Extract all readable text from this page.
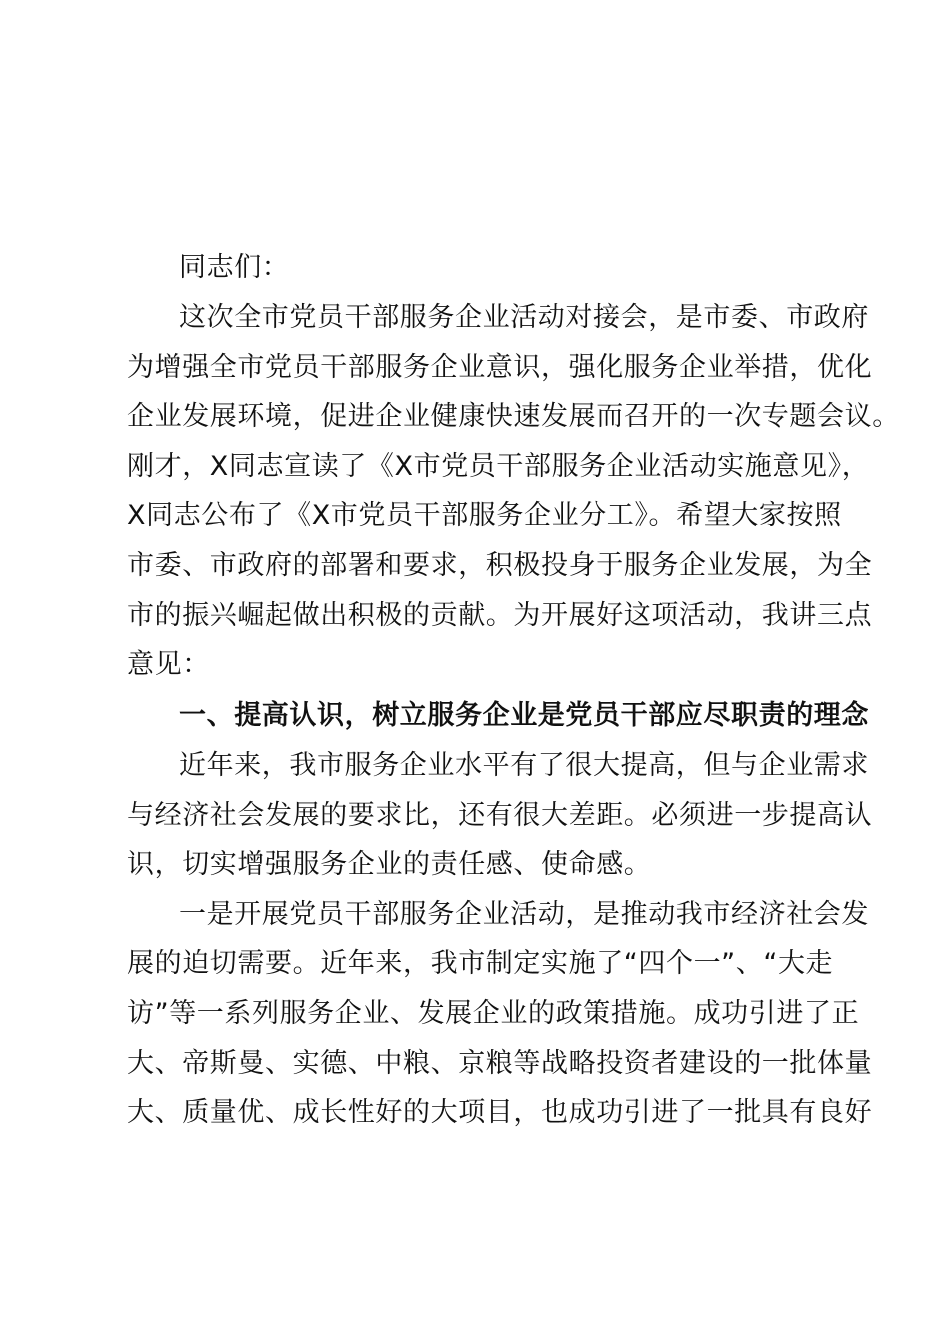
同志们：
这次全市党员干部服务企业活动对接会，是市委、市政府
为增强全市党员干部服务企业意识，强化服务企业举措，优化
企业发展环境，促进企业健康快速发展而召开的一次专题会议。
刚才，X同志宣读了《X市党员干部服务企业活动实施意见》，
X同志公布了《X市党员干部服务企业分工》。希望大家按照
市委、市政府的部署和要求，积极投身于服务企业发展，为全
市的振兴崛起做出积极的贡献。为开展好这项活动，我讲三点
意见：
一、提高认识，树立服务企业是党员干部应尽职责的理念
近年来，我市服务企业水平有了很大提高，但与企业需求
与经济社会发展的要求比，还有很大差距。必须进一步提高认
识，切实增强服务企业的责任感、使命感。
一是开展党员干部服务企业活动，是推动我市经济社会发
展的迫切需要。近年来，我市制定实施了“四个一”、“大走
访”等一系列服务企业、发展企业的政策措施。成功引进了正
大、帝斯曼、实德、中粮、京粮等战略投资者建设的一批体量
大、质量优、成长性好的大项目，也成功引进了一批具有良好
